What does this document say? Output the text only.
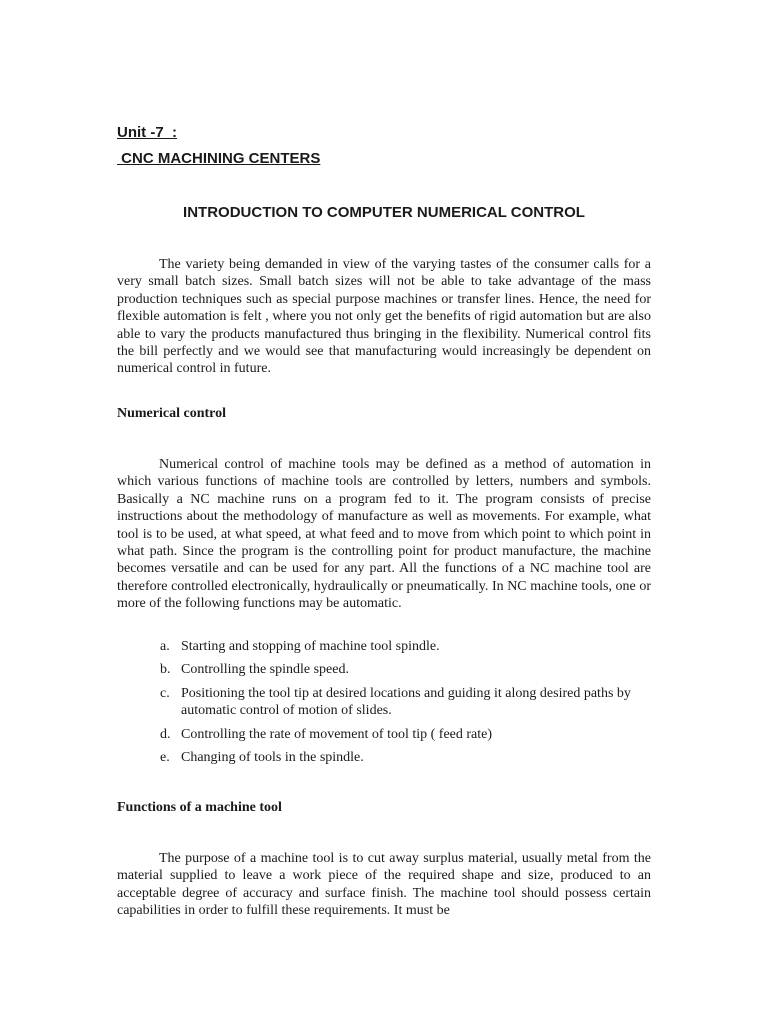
Unit -7  :

CNC MACHINING CENTERS

INTRODUCTION TO COMPUTER NUMERICAL CONTROL

The variety being demanded in view of the varying tastes of the consumer calls for a very small batch sizes. Small batch sizes will not be able to take advantage of the mass production techniques such as special purpose machines or transfer lines. Hence, the need for flexible automation is felt , where you not only get the benefits of rigid automation but are also able to vary the products manufactured thus bringing in the flexibility. Numerical control fits the bill perfectly and we would see that manufacturing would increasingly be dependent on numerical control in future.

Numerical control

Numerical control of machine tools may be defined as a method of automation in which various functions of machine tools are controlled by letters, numbers and symbols. Basically a NC machine runs on a program fed to it. The program consists of precise instructions about the methodology of manufacture as well as movements. For example, what tool is to be used, at what speed, at what feed and to move from which point to which point in what path. Since the program is the controlling point for product manufacture, the machine becomes versatile and can be used for any part. All the functions of a NC machine tool are therefore controlled electronically, hydraulically or pneumatically. In NC machine tools, one or more of the following functions may be automatic.

a. Starting and stopping of machine tool spindle.
b. Controlling the spindle speed.
c. Positioning the tool tip at desired locations and guiding it along desired paths by automatic control of motion of slides.
d. Controlling the rate of movement of tool tip ( feed rate)
e. Changing of tools in the spindle.
Functions of a machine tool

The purpose of a machine tool is to cut away surplus material, usually metal from the material supplied to leave a work piece of the required shape and size, produced to an acceptable degree of accuracy and surface finish. The machine tool should possess certain capabilities in order to fulfill these requirements. It must be
